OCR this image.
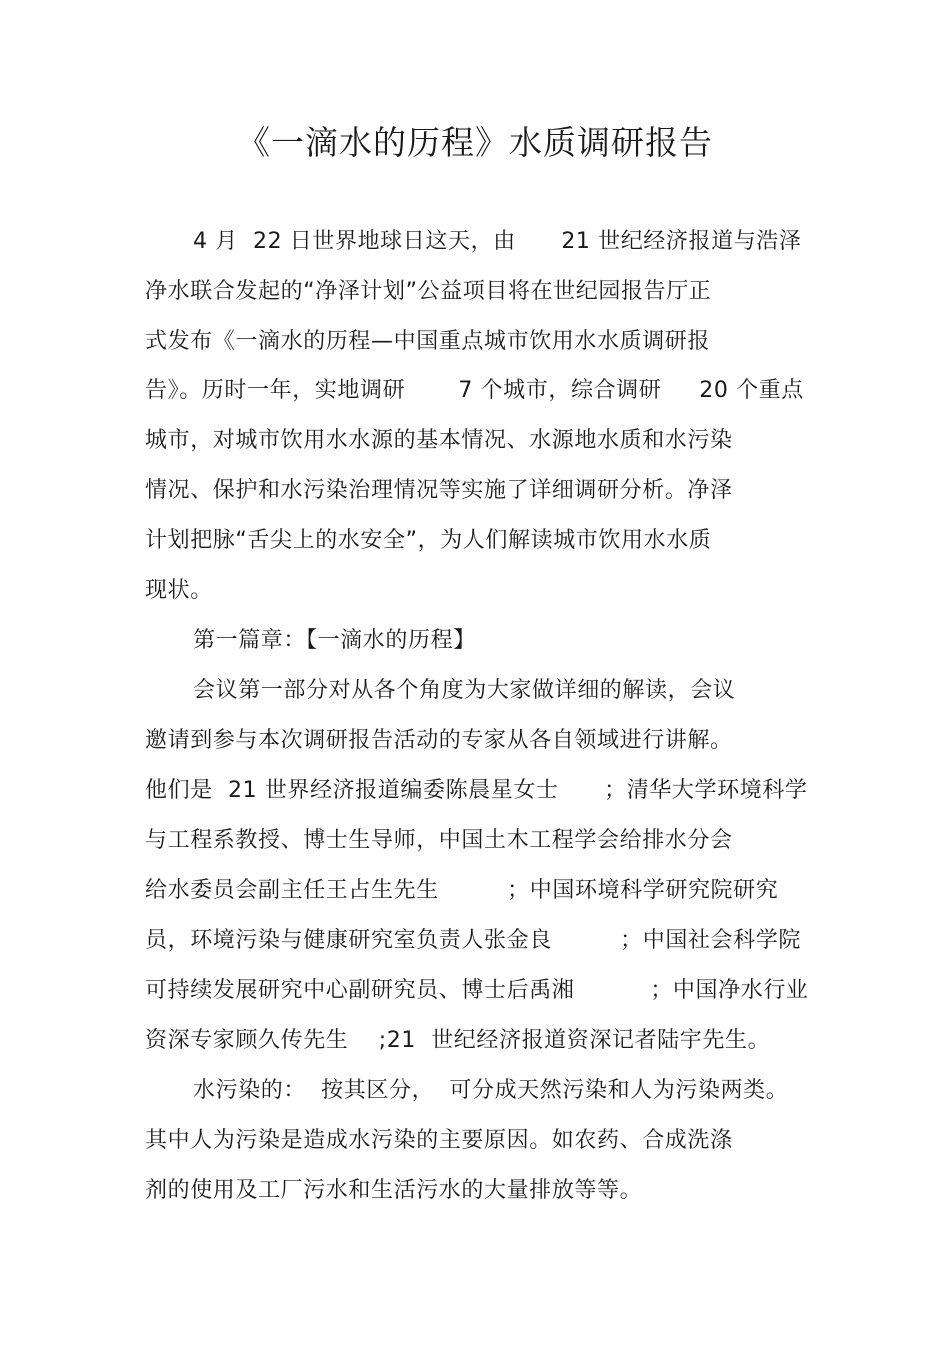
《一滴水的历程》水质调研报告
4 月  22 日世界地球日这天，由      21 世纪经济报道与浩泽
净水联合发起的“净泽计划”公益项目将在世纪园报告厅正
式发布《一滴水的历程—中国重点城市饮用水水质调研报
告》。历时一年，实地调研       7 个城市，综合调研     20 个重点
城市，对城市饮用水水源的基本情况、水源地水质和水污染
情况、保护和水污染治理情况等实施了详细调研分析。净泽
计划把脉“舌尖上的水安全”，为人们解读城市饮用水水质
现状。
第一篇章：【一滴水的历程】
会议第一部分对从各个角度为大家做详细的解读，会议
邀请到参与本次调研报告活动的专家从各自领域进行讲解。
他们是  21 世界经济报道编委陈晨星女士      ；清华大学环境科学
与工程系教授、博士生导师，中国土木工程学会给排水分会
给水委员会副主任王占生先生         ；中国环境科学研究院研究
员，环境污染与健康研究室负责人张金良         ；中国社会科学院
可持续发展研究中心副研究员、博士后禹湘          ；中国净水行业
资深专家顾久传先生    ;21  世纪经济报道资深记者陆宇先生。
水污染的：  按其区分，  可分成天然污染和人为污染两类。
其中人为污染是造成水污染的主要原因。如农药、合成洗涤
剂的使用及工厂污水和生活污水的大量排放等等。
